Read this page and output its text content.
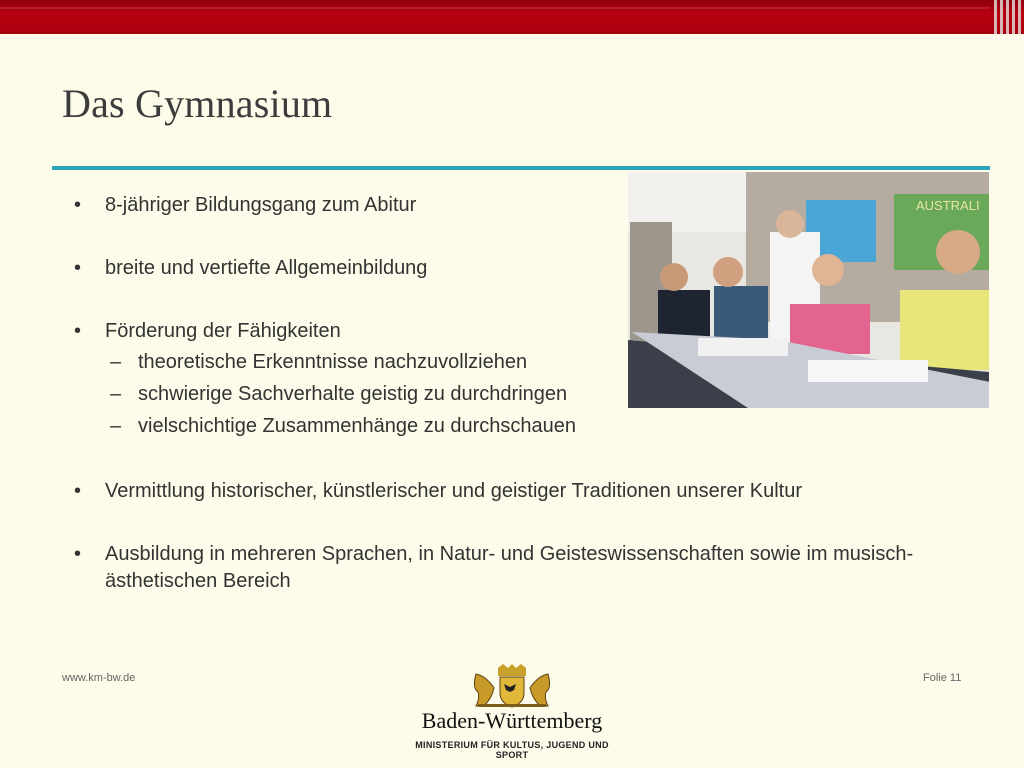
Das Gymnasium
AUSTRALI
• 8-jähriger Bildungsgang zum Abitur
• breite und vertiefte Allgemeinbildung
• Förderung der Fähigkeiten
– theoretische Erkenntnisse nachzuvollziehen
– schwierige Sachverhalte geistig zu durchdringen
– vielschichtige Zusammenhänge zu durchschauen
• Vermittlung historischer, künstlerischer und geistiger Traditionen unserer Kultur
• Ausbildung in mehreren Sprachen, in Natur- und Geisteswissenschaften sowie im musisch-ästhetischen Bereich
www.km-bw.de	Folie 11
Baden-Württemberg
MINISTERIUM FÜR KULTUS, JUGEND UND SPORT
